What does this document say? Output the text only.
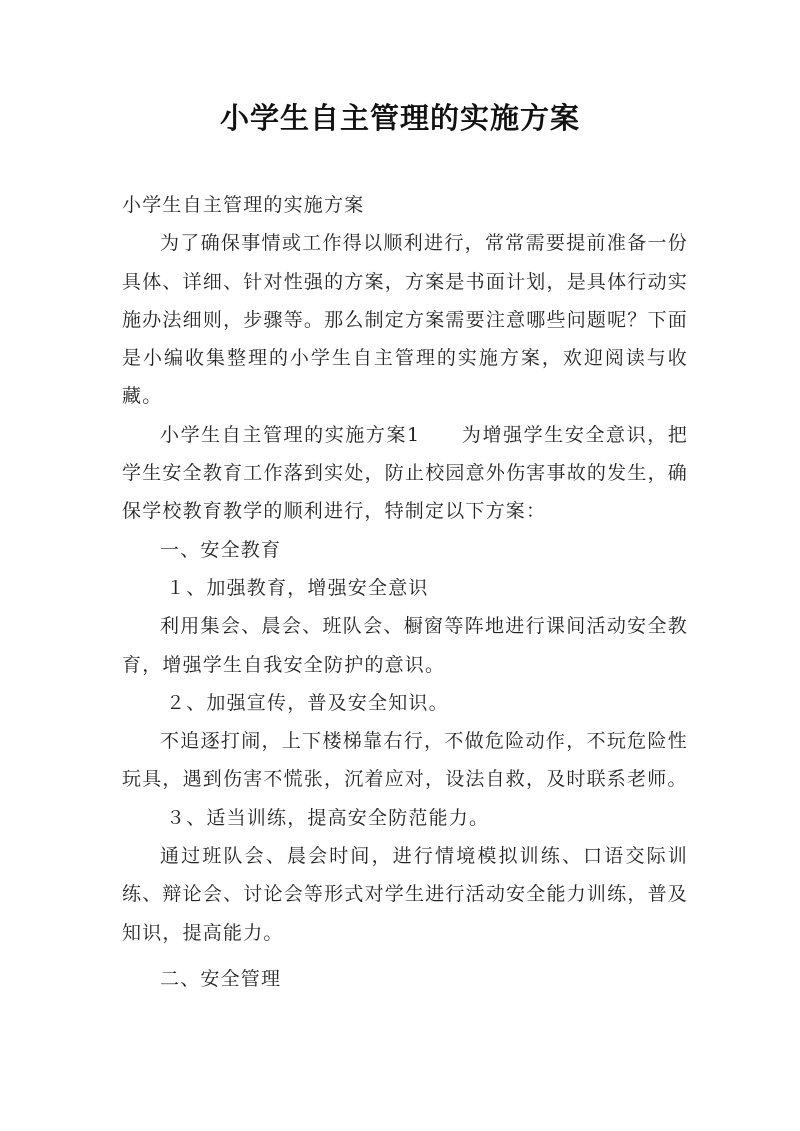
小学生自主管理的实施方案

小学生自主管理的实施方案

为了确保事情或工作得以顺利进行，常常需要提前准备一份具体、详细、针对性强的方案，方案是书面计划，是具体行动实施办法细则，步骤等。那么制定方案需要注意哪些问题呢？下面是小编收集整理的小学生自主管理的实施方案，欢迎阅读与收藏。

小学生自主管理的实施方案1　　为增强学生安全意识，把学生安全教育工作落到实处，防止校园意外伤害事故的发生，确保学校教育教学的顺利进行，特制定以下方案：

一、安全教育

１、加强教育，增强安全意识

利用集会、晨会、班队会、橱窗等阵地进行课间活动安全教育，增强学生自我安全防护的意识。

２、加强宣传，普及安全知识。

不追逐打闹，上下楼梯靠右行，不做危险动作，不玩危险性玩具，遇到伤害不慌张，沉着应对，设法自救，及时联系老师。

３、适当训练，提高安全防范能力。

通过班队会、晨会时间，进行情境模拟训练、口语交际训练、辩论会、讨论会等形式对学生进行活动安全能力训练，普及知识，提高能力。

二、安全管理
